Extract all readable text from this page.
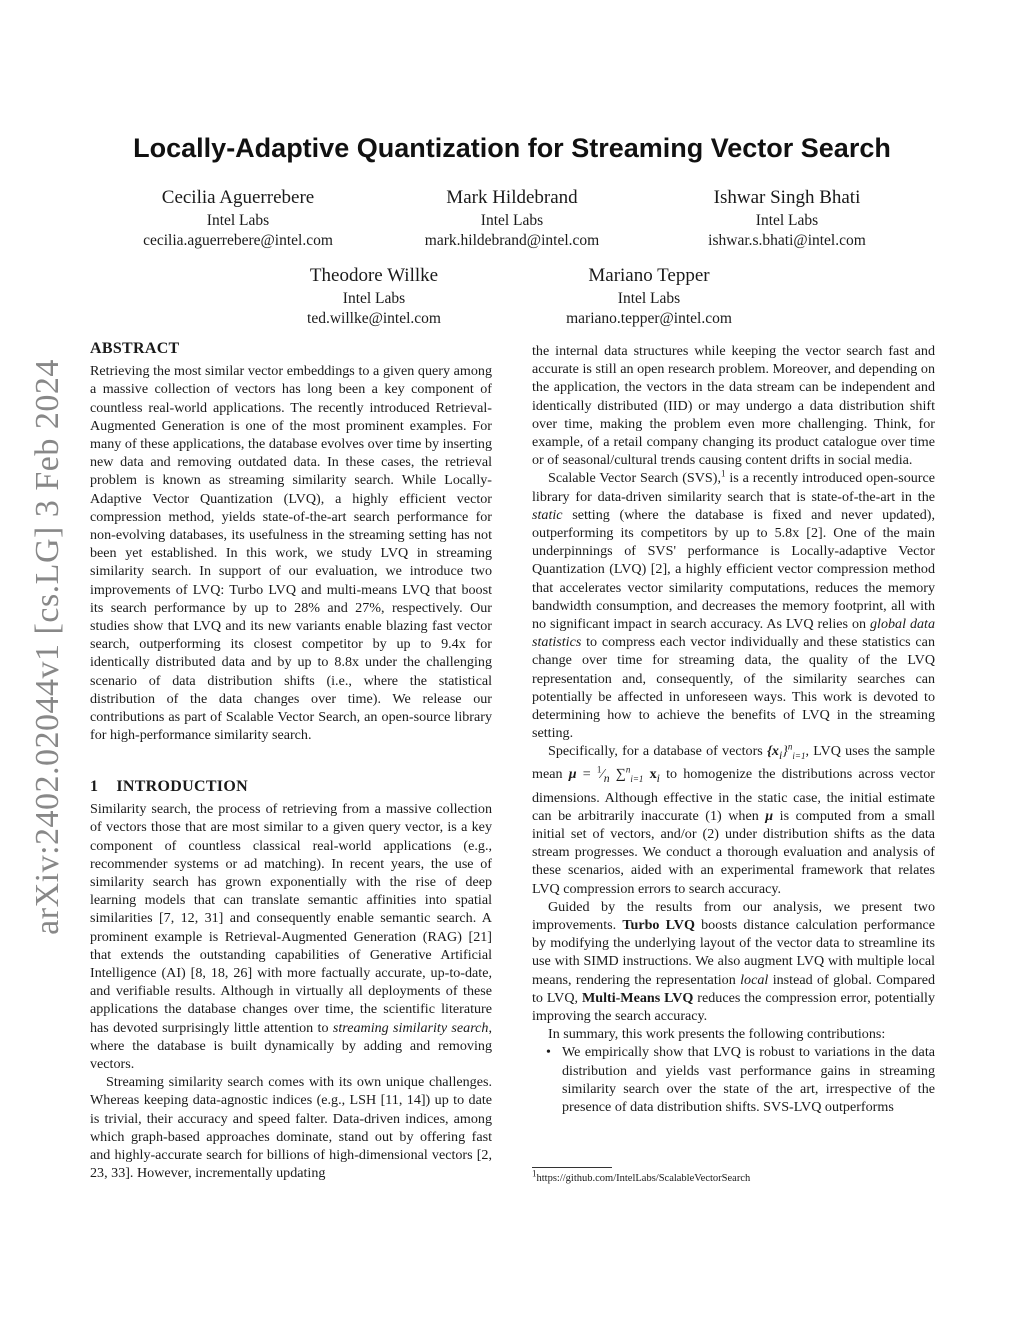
arXiv:2402.02044v1 [cs.LG] 3 Feb 2024
Locally-Adaptive Quantization for Streaming Vector Search
Cecilia Aguerrebere
Intel Labs
cecilia.aguerrebere@intel.com
Mark Hildebrand
Intel Labs
mark.hildebrand@intel.com
Ishwar Singh Bhati
Intel Labs
ishwar.s.bhati@intel.com
Theodore Willke
Intel Labs
ted.willke@intel.com
Mariano Tepper
Intel Labs
mariano.tepper@intel.com
ABSTRACT

Retrieving the most similar vector embeddings to a given query among a massive collection of vectors has long been a key component of countless real-world applications. The recently introduced Retrieval-Augmented Generation is one of the most prominent examples. For many of these applications, the database evolves over time by inserting new data and removing outdated data. In these cases, the retrieval problem is known as streaming similarity search. While Locally-Adaptive Vector Quantization (LVQ), a highly efficient vector compression method, yields state-of-the-art search performance for non-evolving databases, its usefulness in the streaming setting has not been yet established. In this work, we study LVQ in streaming similarity search. In support of our evaluation, we introduce two improvements of LVQ: Turbo LVQ and multi-means LVQ that boost its search performance by up to 28% and 27%, respectively. Our studies show that LVQ and its new variants enable blazing fast vector search, outperforming its closest competitor by up to 9.4x for identically distributed data and by up to 8.8x under the challenging scenario of data distribution shifts (i.e., where the statistical distribution of the data changes over time). We release our contributions as part of Scalable Vector Search, an open-source library for high-performance similarity search.

1 INTRODUCTION

Similarity search, the process of retrieving from a massive collection of vectors those that are most similar to a given query vector, is a key component of countless classical real-world applications (e.g., recommender systems or ad matching). In recent years, the use of similarity search has grown exponentially with the rise of deep learning models that can translate semantic affinities into spatial similarities [7, 12, 31] and consequently enable semantic search. A prominent example is Retrieval-Augmented Generation (RAG) [21] that extends the outstanding capabilities of Generative Artificial Intelligence (AI) [8, 18, 26] with more factually accurate, up-to-date, and verifiable results. Although in virtually all deployments of these applications the database changes over time, the scientific literature has devoted surprisingly little attention to streaming similarity search, where the database is built dynamically by adding and removing vectors.

Streaming similarity search comes with its own unique challenges. Whereas keeping data-agnostic indices (e.g., LSH [11, 14]) up to date is trivial, their accuracy and speed falter. Data-driven indices, among which graph-based approaches dominate, stand out by offering fast and highly-accurate search for billions of high-dimensional vectors [2, 23, 33]. However, incrementally updating

the internal data structures while keeping the vector search fast and accurate is still an open research problem. Moreover, and depending on the application, the vectors in the data stream can be independent and identically distributed (IID) or may undergo a data distribution shift over time, making the problem even more challenging. Think, for example, of a retail company changing its product catalogue over time or of seasonal/cultural trends causing content drifts in social media.

Scalable Vector Search (SVS),$^1$ is a recently introduced open-source library for data-driven similarity search that is state-of-the-art in the static setting (where the database is fixed and never updated), outperforming its competitors by up to 5.8x [2]. One of the main underpinnings of SVS' performance is Locally-adaptive Vector Quantization (LVQ) [2], a highly efficient vector compression method that accelerates vector similarity computations, reduces the memory bandwidth consumption, and decreases the memory footprint, all with no significant impact in search accuracy. As LVQ relies on global data statistics to compress each vector individually and these statistics can change over time for streaming data, the quality of the LVQ representation and, consequently, of the similarity searches can potentially be affected in unforeseen ways. This work is devoted to determining how to achieve the benefits of LVQ in the streaming setting.

Specifically, for a database of vectors $\{x_i\}^n_{i=1}$, LVQ uses the sample mean $\mu = ^1⁄_n$ ∑$^n_{i=1}$ $x_i$ to homogenize the distributions across vector dimensions. Although effective in the static case, the initial estimate can be arbitrarily inaccurate (1) when μ is computed from a small initial set of vectors, and/or (2) under distribution shifts as the data stream progresses. We conduct a thorough evaluation and analysis of these scenarios, aided with an experimental framework that relates LVQ compression errors to search accuracy.

Guided by the results from our analysis, we present two improvements. Turbo LVQ boosts distance calculation performance by modifying the underlying layout of the vector data to streamline its use with SIMD instructions. We also augment LVQ with multiple local means, rendering the representation local instead of global. Compared to LVQ, Multi-Means LVQ reduces the compression error, potentially improving the search accuracy.

In summary, this work presents the following contributions:

• We empirically show that LVQ is robust to variations in the data distribution and yields vast performance gains in streaming similarity search over the state of the art, irrespective of the presence of data distribution shifts. SVS-LVQ outperforms
$^1$https://github.com/IntelLabs/ScalableVectorSearch
